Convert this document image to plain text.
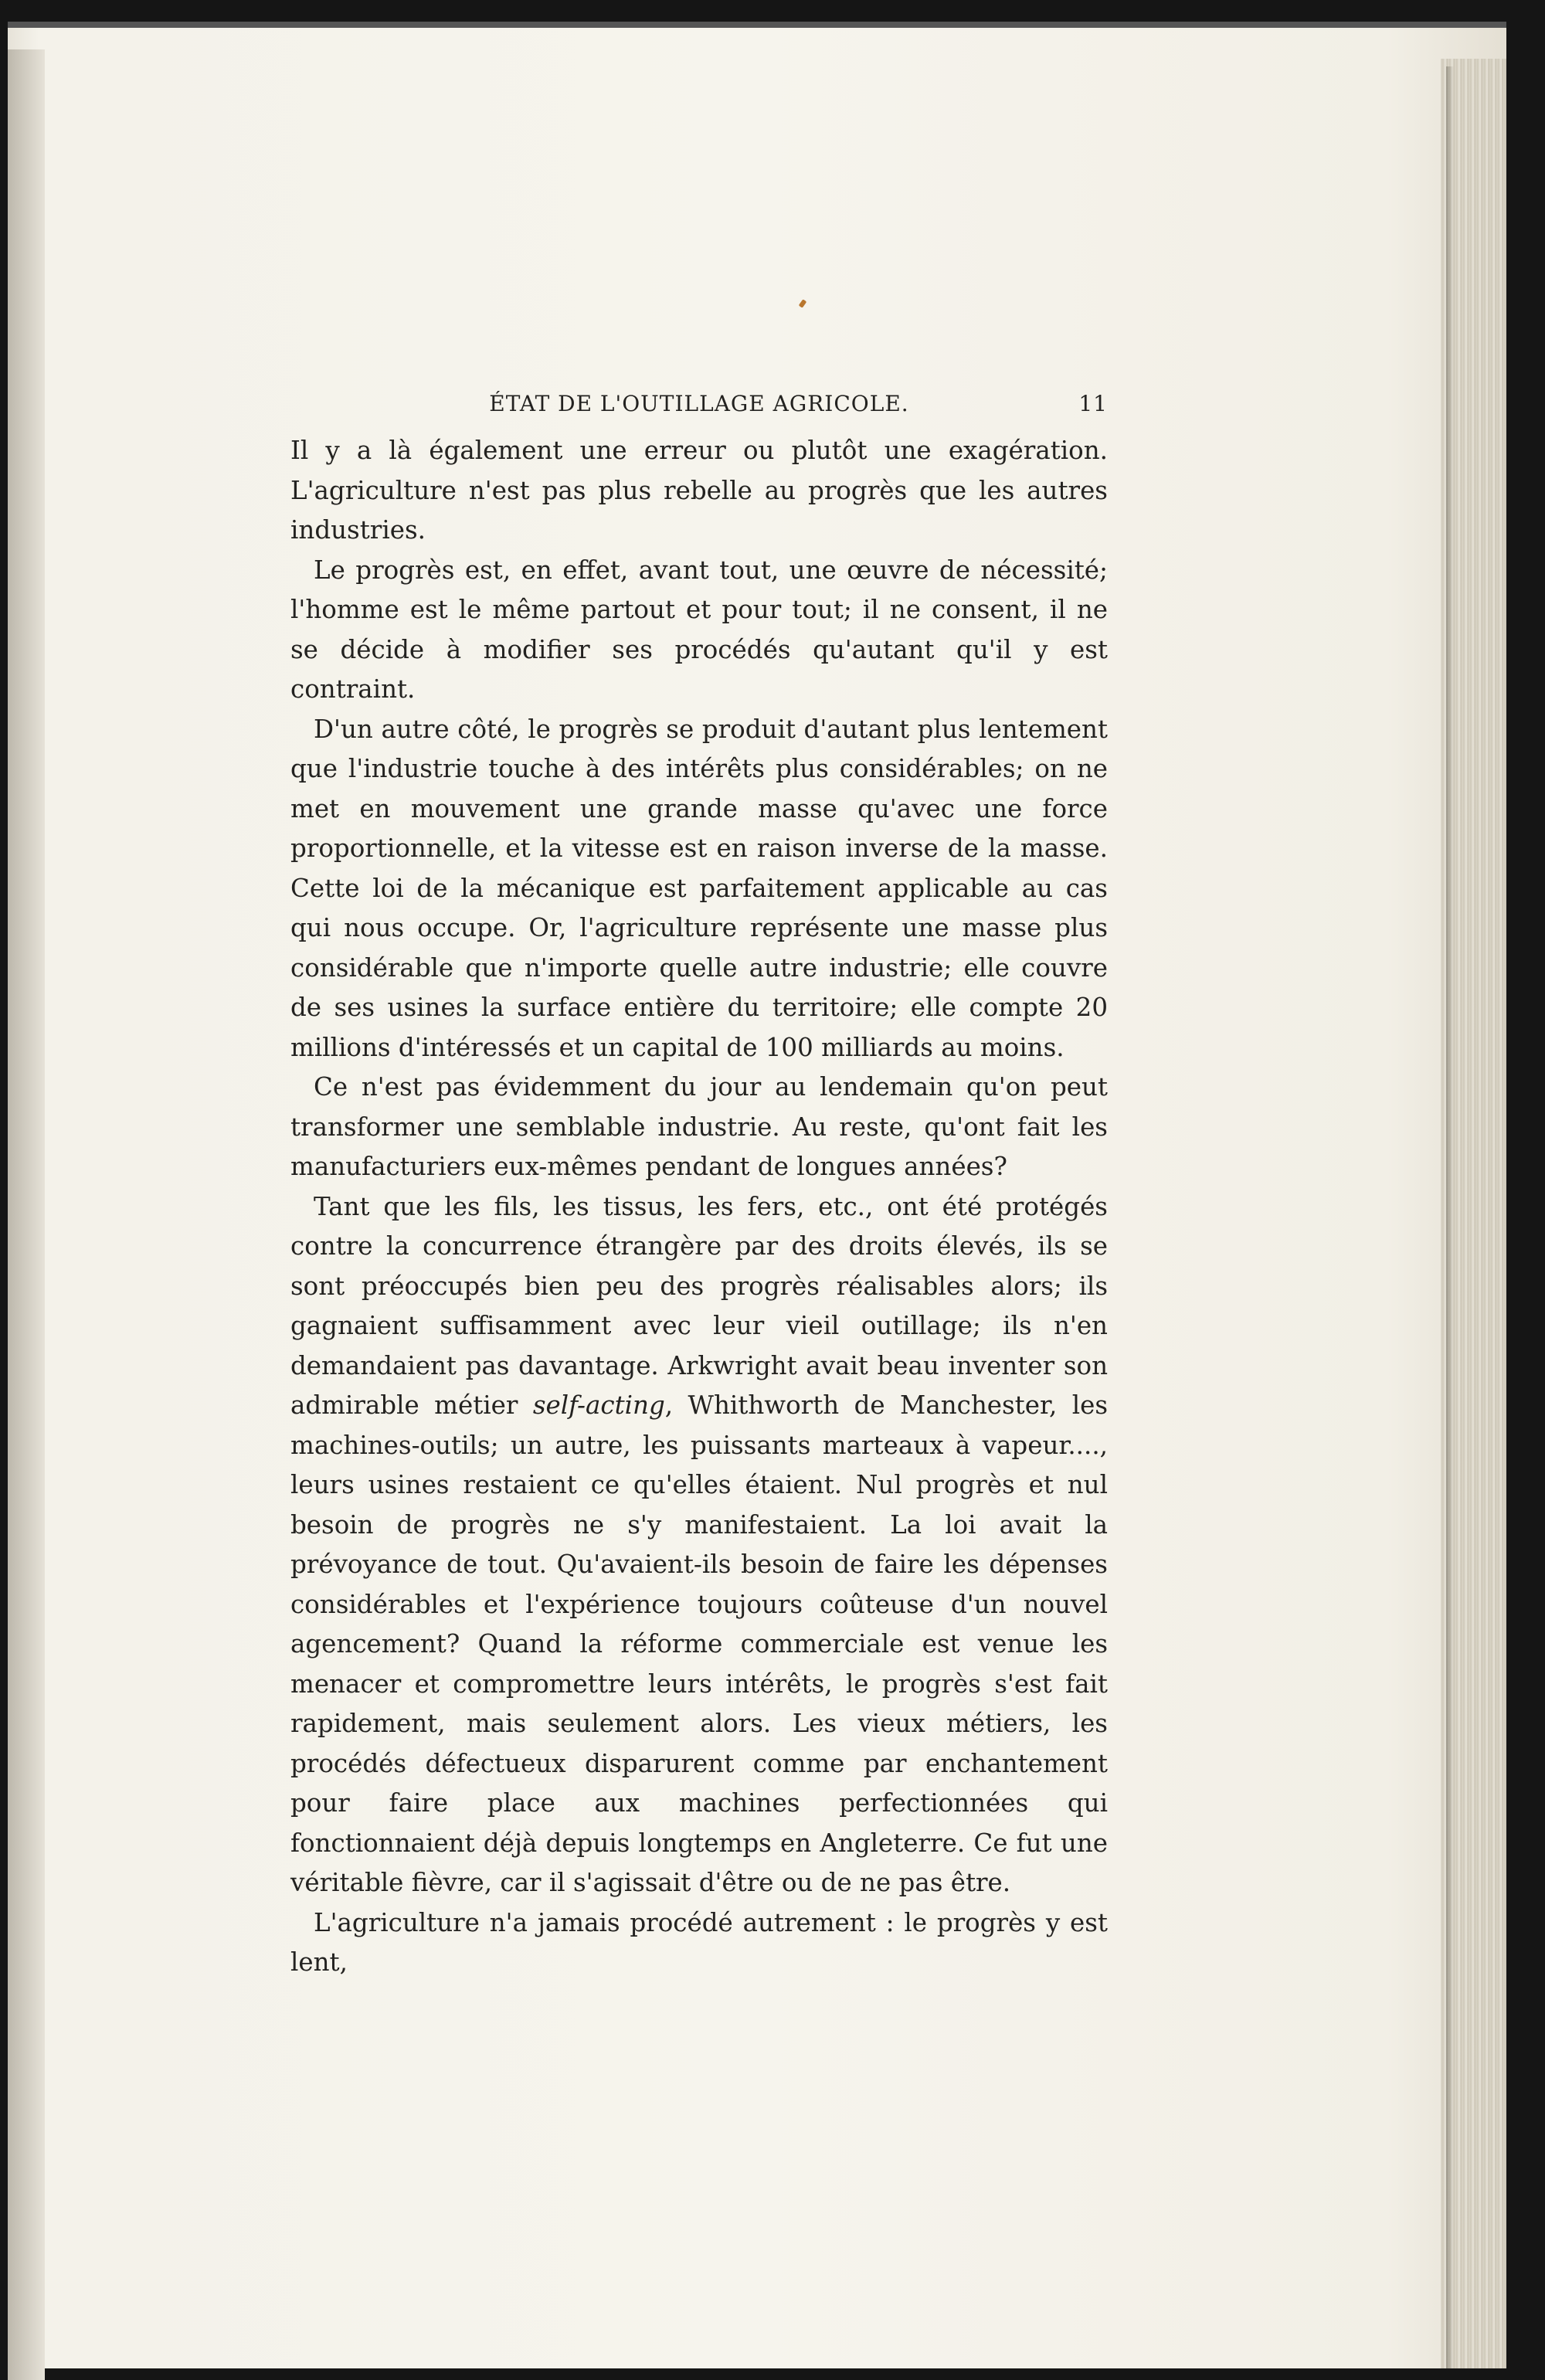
ÉTAT DE L'OUTILLAGE AGRICOLE.	11

Il y a là également une erreur ou plutôt une exagération. L'agriculture n'est pas plus rebelle au progrès que les autres industries.

Le progrès est, en effet, avant tout, une œuvre de nécessité; l'homme est le même partout et pour tout; il ne consent, il ne se décide à modifier ses procédés qu'autant qu'il y est contraint.

D'un autre côté, le progrès se produit d'autant plus lentement que l'industrie touche à des intérêts plus considérables; on ne met en mouvement une grande masse qu'avec une force proportionnelle, et la vitesse est en raison inverse de la masse. Cette loi de la mécanique est parfaitement applicable au cas qui nous occupe. Or, l'agriculture représente une masse plus considérable que n'importe quelle autre industrie; elle couvre de ses usines la surface entière du territoire; elle compte 20 millions d'intéressés et un capital de 100 milliards au moins.

Ce n'est pas évidemment du jour au lendemain qu'on peut transformer une semblable industrie. Au reste, qu'ont fait les manufacturiers eux-mêmes pendant de longues années?

Tant que les fils, les tissus, les fers, etc., ont été protégés contre la concurrence étrangère par des droits élevés, ils se sont préoccupés bien peu des progrès réalisables alors; ils gagnaient suffisamment avec leur vieil outillage; ils n'en demandaient pas davantage. Arkwright avait beau inventer son admirable métier self-acting, Whithworth de Manchester, les machines-outils; un autre, les puissants marteaux à vapeur...., leurs usines restaient ce qu'elles étaient. Nul progrès et nul besoin de progrès ne s'y manifestaient. La loi avait la prévoyance de tout. Qu'avaient-ils besoin de faire les dépenses considérables et l'expérience toujours coûteuse d'un nouvel agencement? Quand la réforme commerciale est venue les menacer et compromettre leurs intérêts, le progrès s'est fait rapidement, mais seulement alors. Les vieux métiers, les procédés défectueux disparurent comme par enchantement pour faire place aux machines perfectionnées qui fonctionnaient déjà depuis longtemps en Angleterre. Ce fut une véritable fièvre, car il s'agissait d'être ou de ne pas être.

L'agriculture n'a jamais procédé autrement : le progrès y est lent,
